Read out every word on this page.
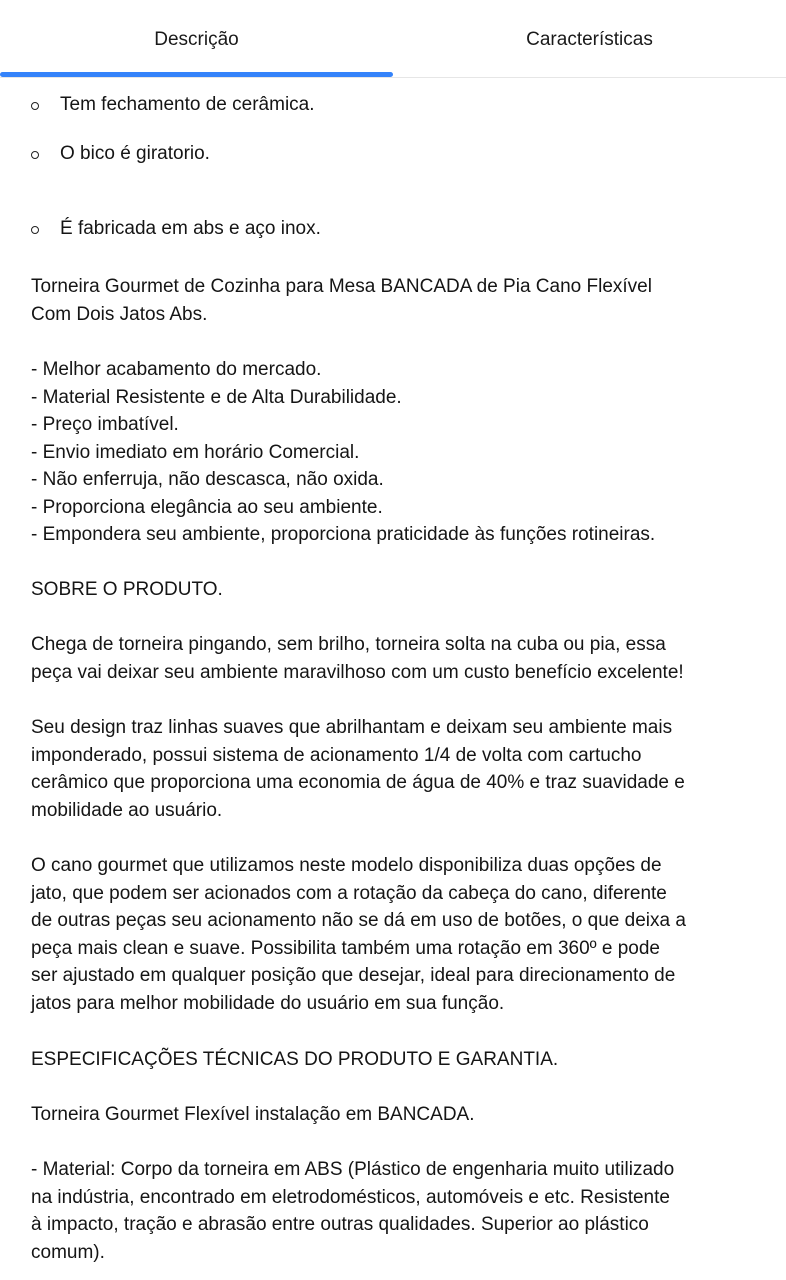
Descrição	Características
Tem fechamento de cerâmica.
O bico é giratorio.
É fabricada em abs e aço inox.

Torneira Gourmet de Cozinha para Mesa BANCADA de Pia Cano Flexível
Com Dois Jatos Abs.

- Melhor acabamento do mercado.
- Material Resistente e de Alta Durabilidade.
- Preço imbatível.
- Envio imediato em horário Comercial.
- Não enferruja, não descasca, não oxida.
- Proporciona elegância ao seu ambiente.
- Empondera seu ambiente, proporciona praticidade às funções rotineiras.

SOBRE O PRODUTO.

Chega de torneira pingando, sem brilho, torneira solta na cuba ou pia, essa
peça vai deixar seu ambiente maravilhoso com um custo benefício excelente!

Seu design traz linhas suaves que abrilhantam e deixam seu ambiente mais
imponderado, possui sistema de acionamento 1/4 de volta com cartucho
cerâmico que proporciona uma economia de água de 40% e traz suavidade e
mobilidade ao usuário.

O cano gourmet que utilizamos neste modelo disponibiliza duas opções de
jato, que podem ser acionados com a rotação da cabeça do cano, diferente
de outras peças seu acionamento não se dá em uso de botões, o que deixa a
peça mais clean e suave. Possibilita também uma rotação em 360º e pode
ser ajustado em qualquer posição que desejar, ideal para direcionamento de
jatos para melhor mobilidade do usuário em sua função.

ESPECIFICAÇÕES TÉCNICAS DO PRODUTO E GARANTIA.

Torneira Gourmet Flexível instalação em BANCADA.

- Material: Corpo da torneira em ABS (Plástico de engenharia muito utilizado
na indústria, encontrado em eletrodomésticos, automóveis e etc. Resistente
à impacto, tração e abrasão entre outras qualidades. Superior ao plástico
comum).
